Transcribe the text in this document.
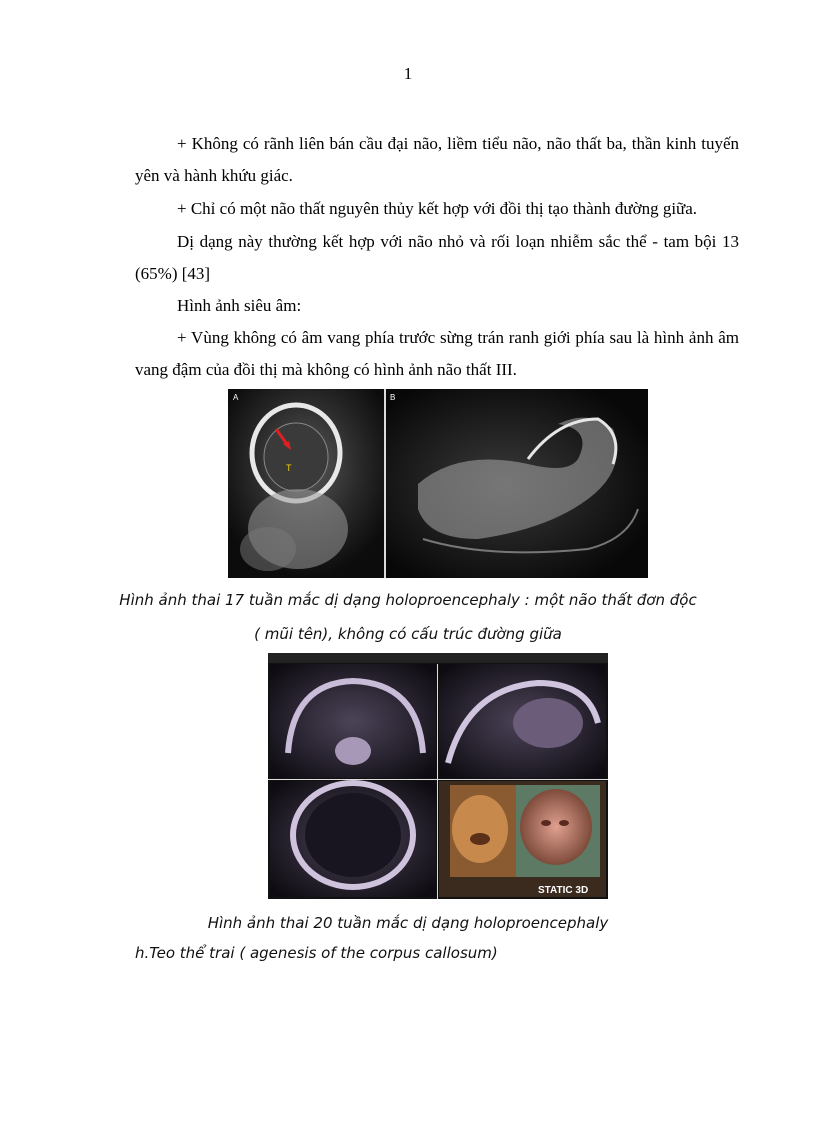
1

+ Không có rãnh liên bán cầu đại não, liềm tiểu não, não thất ba, thần kinh tuyến yên và hành khứu giác.

+ Chỉ có một não thất nguyên thủy kết hợp với đồi thị tạo thành đường giữa.

Dị dạng này thường kết hợp với não nhỏ và rối loạn nhiễm sắc thể - tam bội 13 (65%) [43]

Hình ảnh siêu âm:

+ Vùng không có âm vang phía trước sừng trán ranh giới phía sau là hình ảnh âm vang đậm của đồi thị mà không có hình ảnh não thất III.

T
A	B
Hình ảnh thai 17 tuần mắc dị dạng holoproencephaly : một não thất đơn độc
( mũi tên), không có cấu trúc đường giữa
STATIC 3D
Hình ảnh thai 20 tuần mắc dị dạng holoproencephaly
h.Teo thể trai ( agenesis of the corpus callosum)
